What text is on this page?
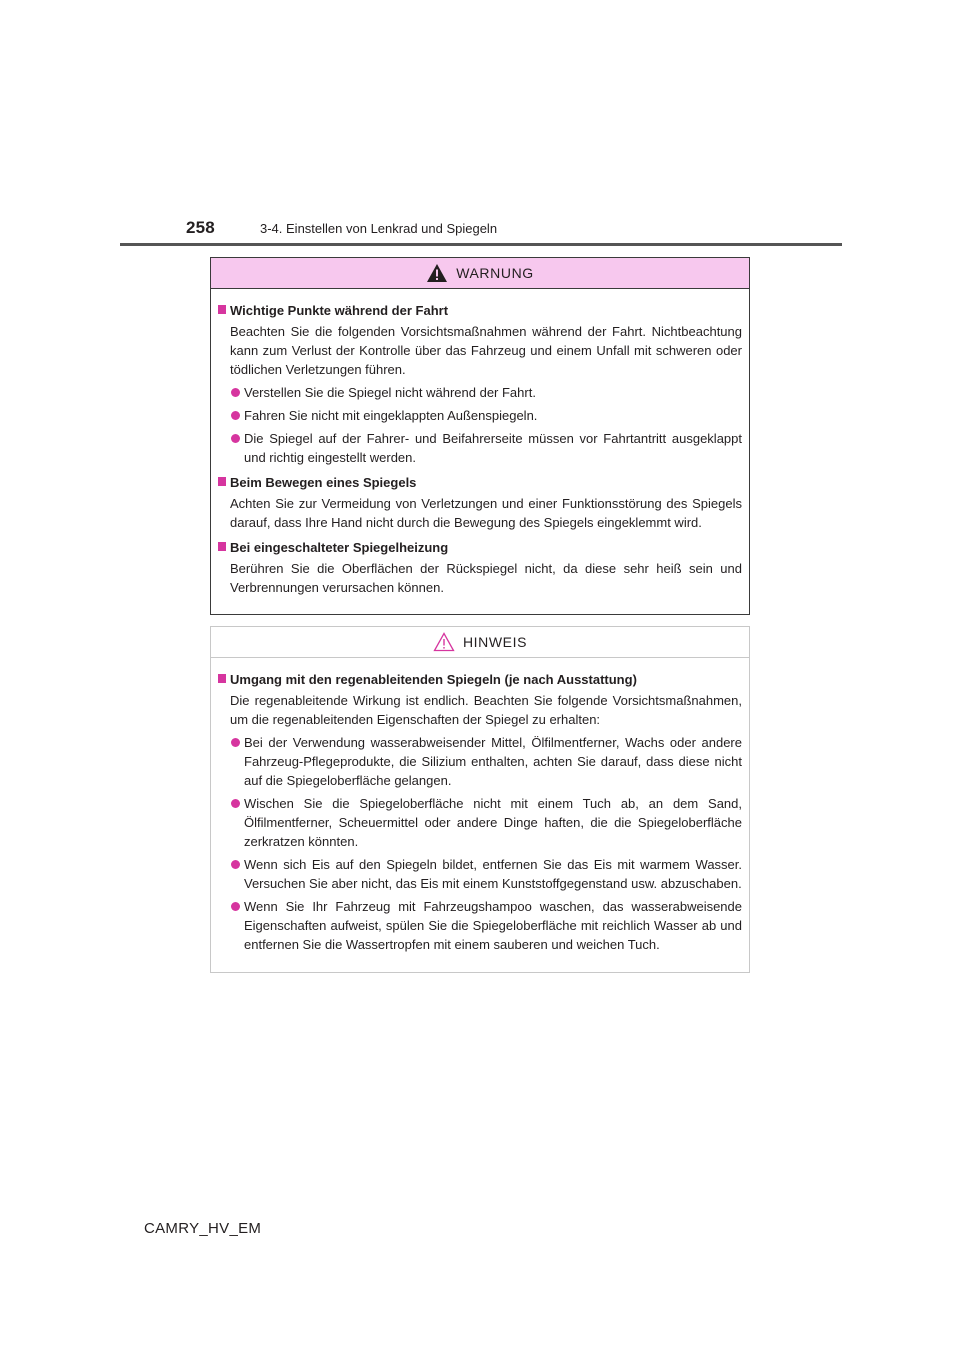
258	3-4. Einstellen von Lenkrad und Spiegeln
WARNUNG
Wichtige Punkte während der Fahrt
Beachten Sie die folgenden Vorsichtsmaßnahmen während der Fahrt. Nichtbeachtung kann zum Verlust der Kontrolle über das Fahrzeug und einem Unfall mit schweren oder tödlichen Verletzungen führen.
Verstellen Sie die Spiegel nicht während der Fahrt.
Fahren Sie nicht mit eingeklappten Außenspiegeln.
Die Spiegel auf der Fahrer- und Beifahrerseite müssen vor Fahrtantritt ausgeklappt und richtig eingestellt werden.
Beim Bewegen eines Spiegels
Achten Sie zur Vermeidung von Verletzungen und einer Funktionsstörung des Spiegels darauf, dass Ihre Hand nicht durch die Bewegung des Spiegels eingeklemmt wird.
Bei eingeschalteter Spiegelheizung
Berühren Sie die Oberflächen der Rückspiegel nicht, da diese sehr heiß sein und Verbrennungen verursachen können.
HINWEIS
Umgang mit den regenableitenden Spiegeln (je nach Ausstattung)
Die regenableitende Wirkung ist endlich. Beachten Sie folgende Vorsichtsmaßnahmen, um die regenableitenden Eigenschaften der Spiegel zu erhalten:
Bei der Verwendung wasserabweisender Mittel, Ölfilmentferner, Wachs oder andere Fahrzeug-Pflegeprodukte, die Silizium enthalten, achten Sie darauf, dass diese nicht auf die Spiegeloberfläche gelangen.
Wischen Sie die Spiegeloberfläche nicht mit einem Tuch ab, an dem Sand, Ölfilmentferner, Scheuermittel oder andere Dinge haften, die die Spiegeloberfläche zerkratzen könnten.
Wenn sich Eis auf den Spiegeln bildet, entfernen Sie das Eis mit warmem Wasser. Versuchen Sie aber nicht, das Eis mit einem Kunststoffgegenstand usw. abzuschaben.
Wenn Sie Ihr Fahrzeug mit Fahrzeugshampoo waschen, das wasserabweisende Eigenschaften aufweist, spülen Sie die Spiegeloberfläche mit reichlich Wasser ab und entfernen Sie die Wassertropfen mit einem sauberen und weichen Tuch.
CAMRY_HV_EM
